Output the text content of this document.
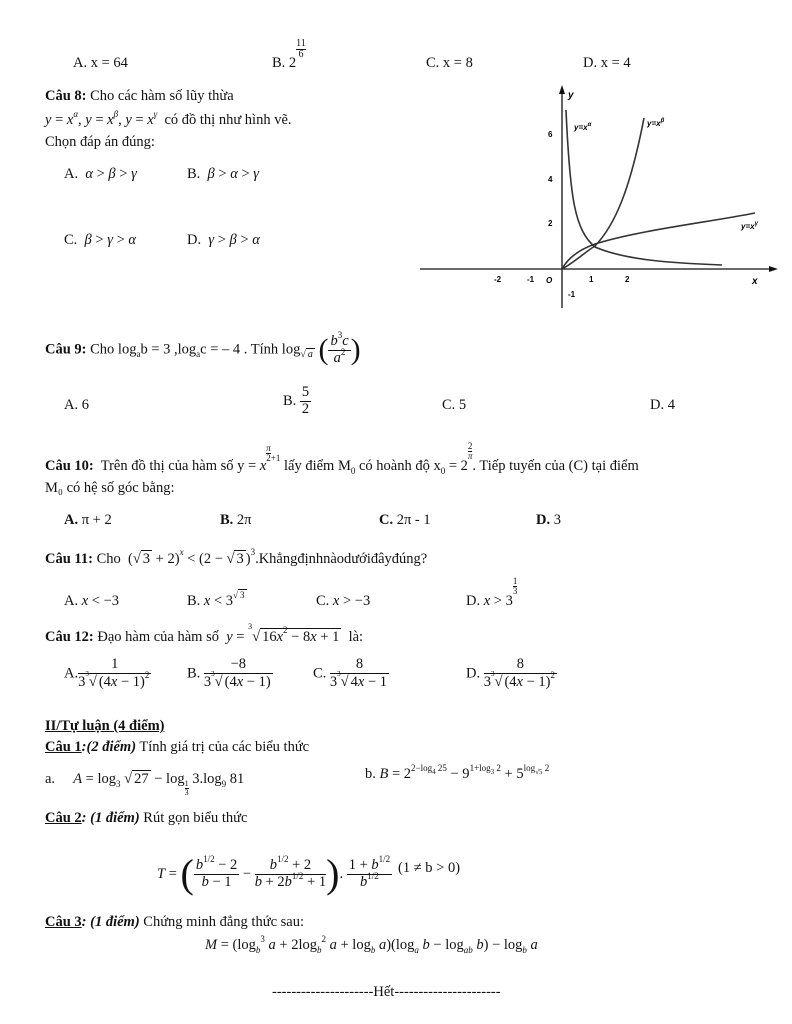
A. x = 64	B. 2
$\frac{11}{6}$
C. x = 8	D. x = 4
Câu 8: Cho các hàm số lũy thừa
$y = x^\alpha$, $y = x^\beta$, $y = x^\gamma$ có đồ thị như hình vẽ.
Chọn đáp án đúng:
A. α > β > γ	B. β > α > γ
C. β > γ > α	D. γ > β > α
y
x
6
4
2
-1
-2	-1 O	1	2
$y=x^\alpha$	$y=x^\beta$
$y=x^\gamma$
Câu 9: Cho $\log_ab = 3$ $,\log_ac$ = – 4 . Tính $\log_{√ a}$ ( $\frac{b^3c}{a^2}$ )
A. 6	B. $\frac{5}{2}$	C. 5	D. 4
Câu 10: Trên đồ thị của hàm số y = x
$\frac{\pi}{2} +1$ lấy điểm $M_0$ có hoành độ $x_0 = 2$
$\frac{2}{\pi}$
. Tiếp tuyến của (C) tại điểm
M₀ có hệ số góc bằng:
A. π + 2	B. 2π	C. 2π - 1	D. 3
Câu 11: Cho  (√ 3 + 2)$^x$ < (2 − √ 3 )$^3$.Khẳngđịnhnàodướiđâyđúng?
A. x < −3	B. $x < 3^{√ 3}$	C. x > −3	D. x > 3
$\frac{1}{3}$
Câu 12: Đạo hàm của hàm số y = $^3$√ $16x^2 - 8x + 1$ là:
A. $\frac{1}{3^3√ (4x - 1)^2} B$. $\frac{-8}{3^3√ (4x - 1)}$	C. $\frac{8}{3^3√ 4x - 1}$	D. $\frac{8}{3^3√ (4x - 1)^2}$
II/Tự luận (4 điểm)
Câu 1:(2 điểm) Tính giá trị của các biểu thức
a. $A = \log_3$ √ 27 − log
$\frac{1}{3}$
$3.\log_9$ 81	b. $B = 2^{2-log_4 25} - 9^{1+log_3 2} + 5^{log_{√5} 2}$
Câu 2: (1 điểm) Rút gọn biểu thức
T = ( $\frac{b^{1/2} - 2}{b - 1} - \frac{b^{1/2} + 2}{b + 2b^{1/2} + 1}$ ) . $\frac{1 + b^{1/2}}{b^{1/2}} (1 \ne b > 0)$
Câu 3: (1 điểm) Chứng minh đẳng thức sau:
$M = (\log_b^3$ $a + 2\log_b^2$ $a + \log_b a)(\log_a$ $b - \log_{ab} b) - \log_b a$
---------------------Hết----------------------
